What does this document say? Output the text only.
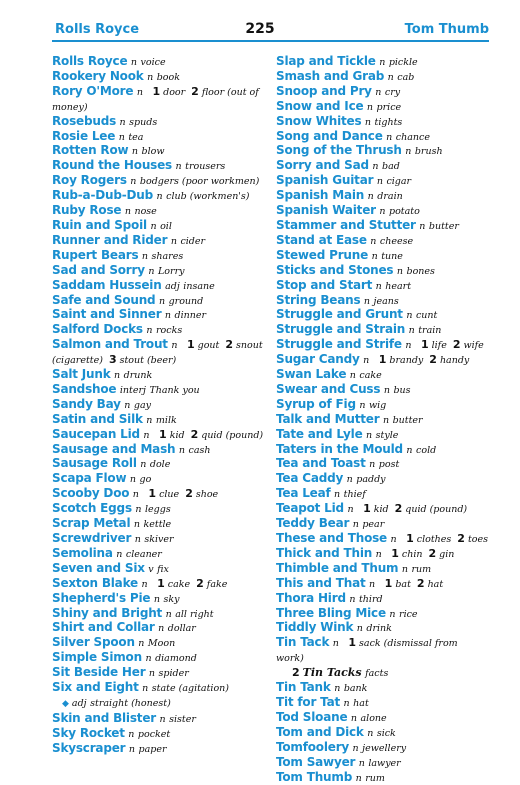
Rolls Royce	225	Tom Thumb
Rolls Royce n voice
Rookery Nook n book
Rory O'More n 1 door 2 floor (out of money)
Rosebuds n spuds
Rosie Lee n tea
Rotten Row n blow
Round the Houses n trousers
Roy Rogers n bodgers (poor workmen)
Rub-a-Dub-Dub n club (workmen's)
Ruby Rose n nose
Ruin and Spoil n oil
Runner and Rider n cider
Rupert Bears n shares
Sad and Sorry n Lorry
Saddam Hussein adj insane
Safe and Sound n ground
Saint and Sinner n dinner
Salford Docks n rocks
Salmon and Trout n 1 gout 2 snout (cigarette) 3 stout (beer)
Salt Junk n drunk
Sandshoe interj Thank you
Sandy Bay n gay
Satin and Silk n milk
Saucepan Lid n 1 kid 2 quid (pound)
Sausage and Mash n cash
Sausage Roll n dole
Scapa Flow n go
Scooby Doo n 1 clue 2 shoe
Scotch Eggs n leggs
Scrap Metal n kettle
Screwdriver n skiver
Semolina n cleaner
Seven and Six v fix
Sexton Blake n 1 cake 2 fake
Shepherd's Pie n sky
Shiny and Bright n all right
Shirt and Collar n dollar
Silver Spoon n Moon
Simple Simon n diamond
Sit Beside Her n spider
Six and Eight n state (agitation)
◆ adj straight (honest)
Skin and Blister n sister
Sky Rocket n pocket
Skyscraper n paper
Slap and Tickle n pickle
Smash and Grab n cab
Snoop and Pry n cry
Snow and Ice n price
Snow Whites n tights
Song and Dance n chance
Song of the Thrush n brush
Sorry and Sad n bad
Spanish Guitar n cigar
Spanish Main n drain
Spanish Waiter n potato
Stammer and Stutter n butter
Stand at Ease n cheese
Stewed Prune n tune
Sticks and Stones n bones
Stop and Start n heart
String Beans n jeans
Struggle and Grunt n cunt
Struggle and Strain n train
Struggle and Strife n 1 life 2 wife
Sugar Candy n 1 brandy 2 handy
Swan Lake n cake
Swear and Cuss n bus
Syrup of Fig n wig
Talk and Mutter n butter
Tate and Lyle n style
Taters in the Mould n cold
Tea and Toast n post
Tea Caddy n paddy
Tea Leaf n thief
Teapot Lid n 1 kid 2 quid (pound)
Teddy Bear n pear
These and Those n 1 clothes 2 toes
Thick and Thin n 1 chin 2 gin
Thimble and Thum n rum
This and That n 1 bat 2 hat
Thora Hird n third
Three Bling Mice n rice
Tiddly Wink n drink
Tin Tack n 1 sack (dismissal from work)
2 Tin Tacks facts
Tin Tank n bank
Tit for Tat n hat
Tod Sloane n alone
Tom and Dick n sick
Tomfoolery n jewellery
Tom Sawyer n lawyer
Tom Thumb n rum
